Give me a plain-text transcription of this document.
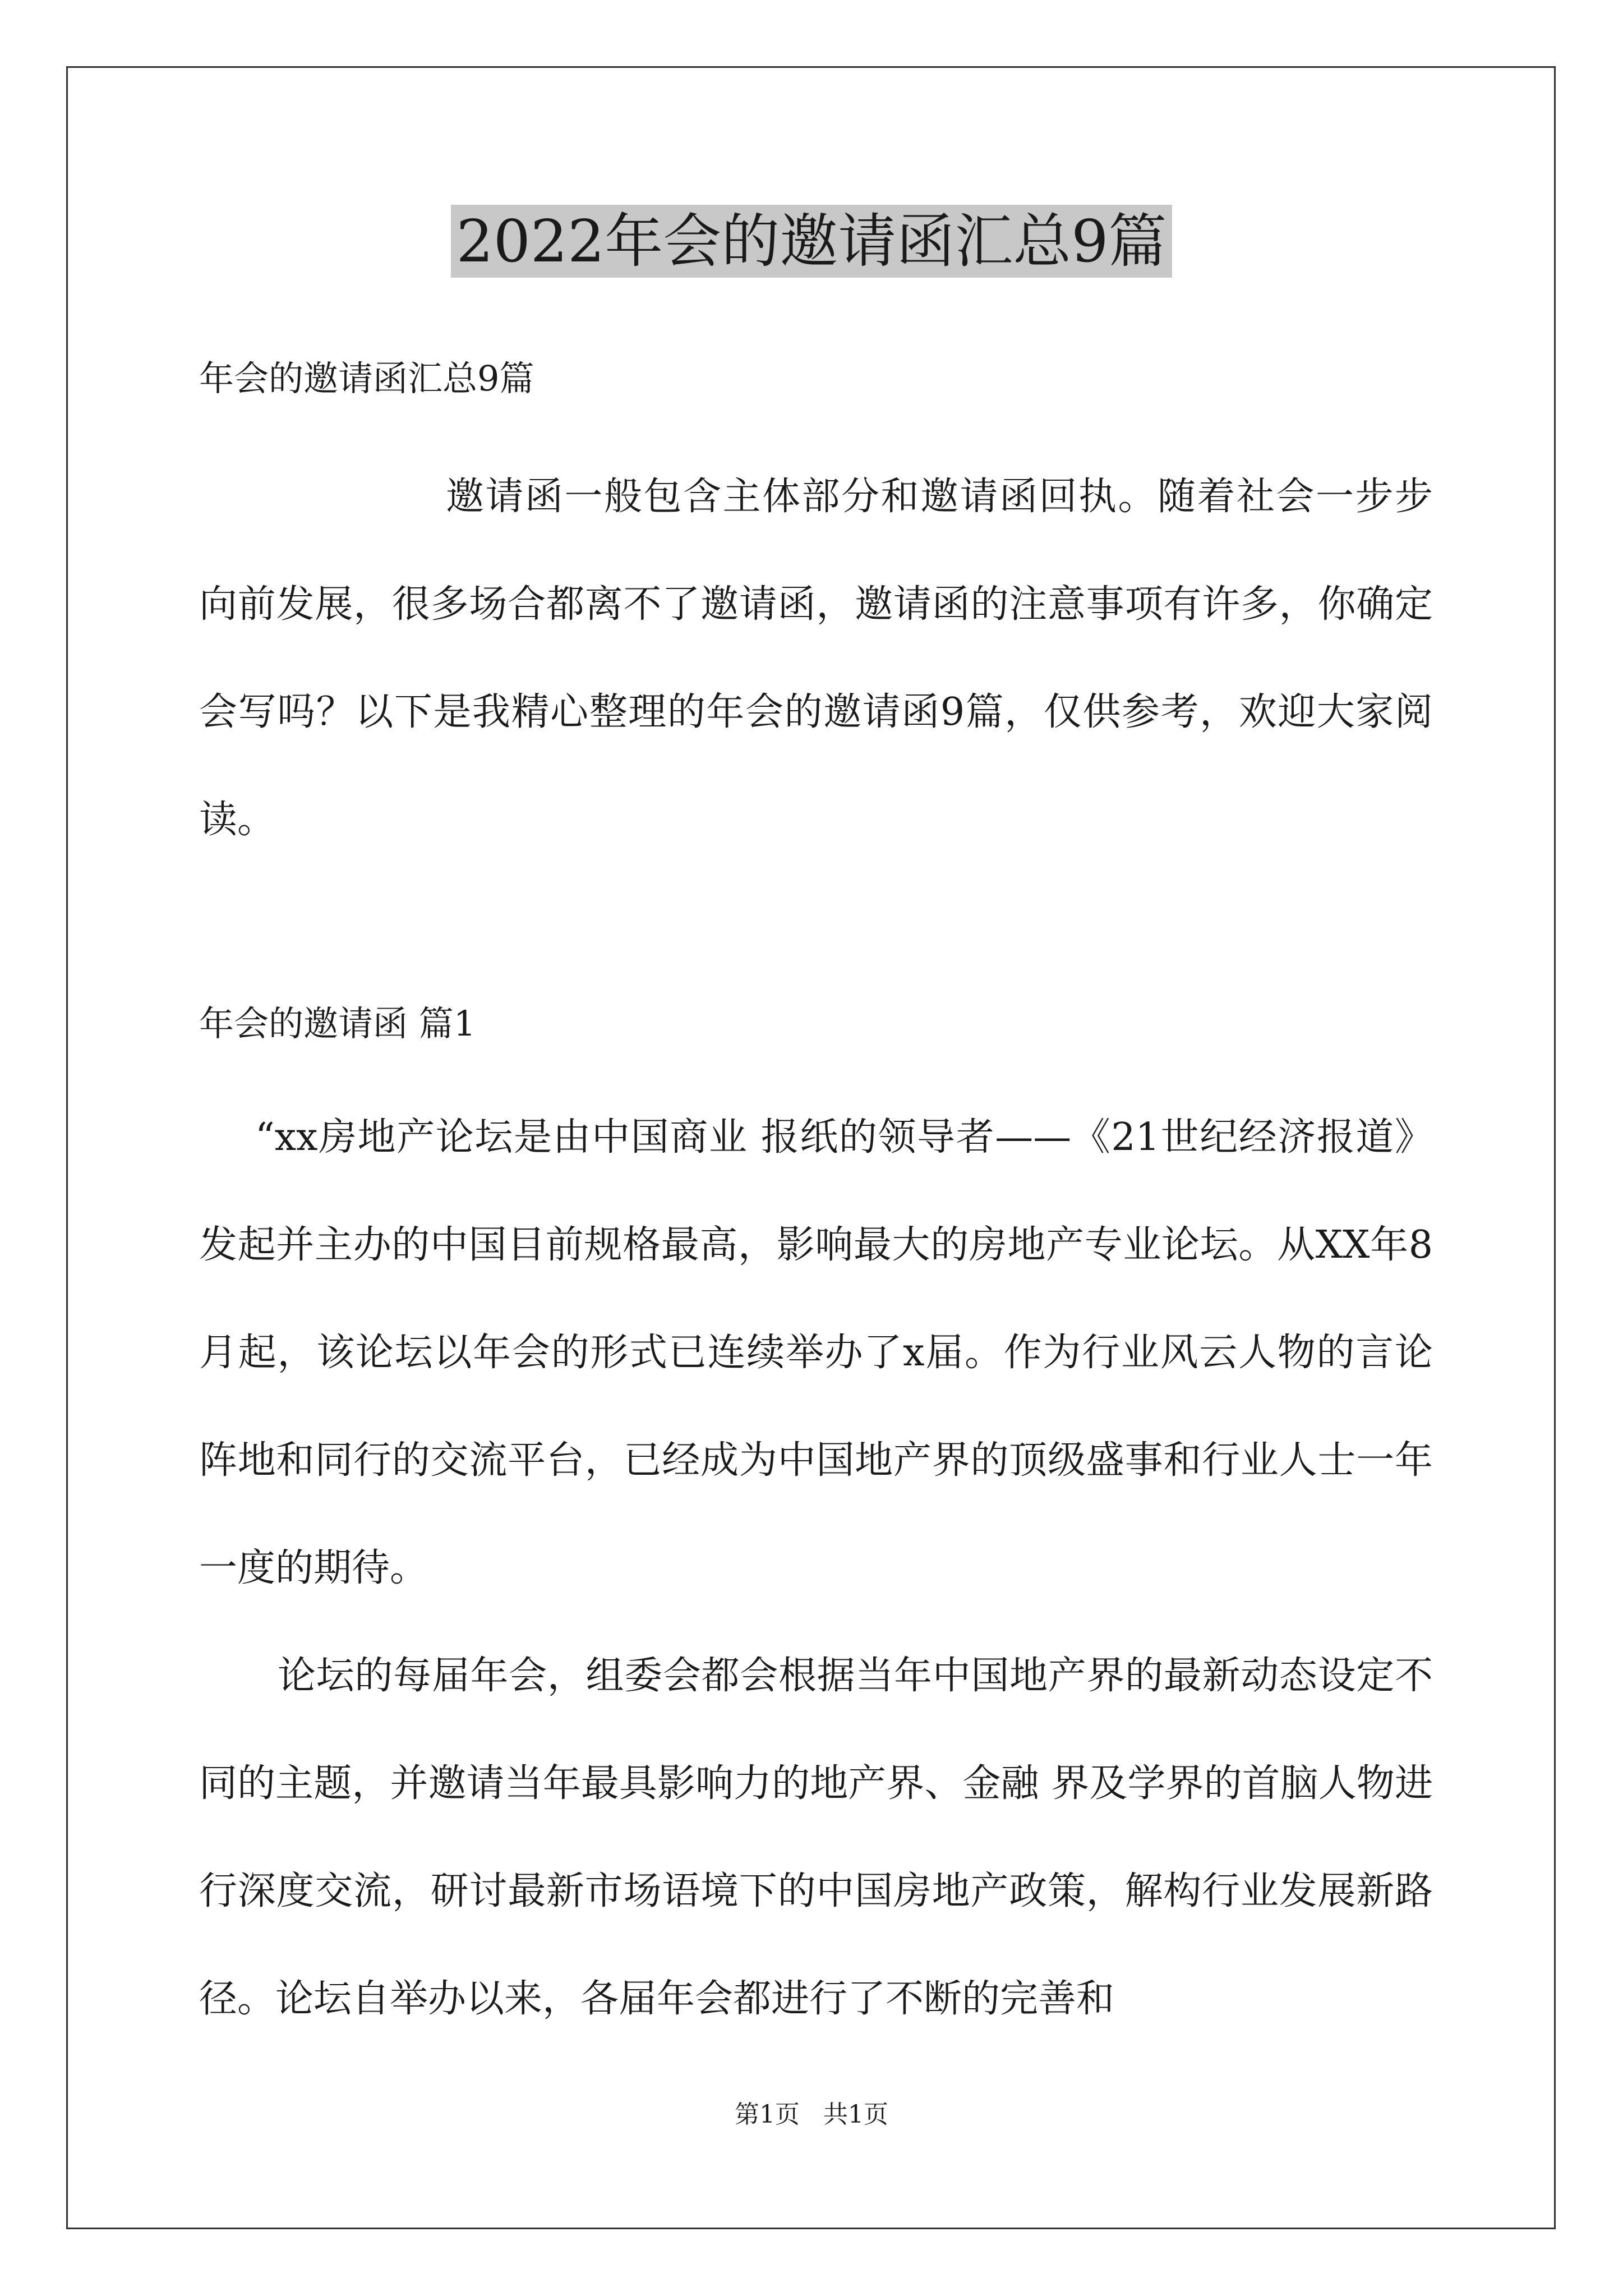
2022年会的邀请函汇总9篇

年会的邀请函汇总9篇

邀请函一般包含主体部分和邀请函回执。随着社会一步步向前发展，很多场合都离不了邀请函，邀请函的注意事项有许多，你确定会写吗？以下是我精心整理的年会的邀请函9篇，仅供参考，欢迎大家阅读。

年会的邀请函 篇1

“xx房地产论坛是由中国商业 报纸的领导者——《21世纪经济报道》发起并主办的中国目前规格最高，影响最大的房地产专业论坛。从XX年8月起，该论坛以年会的形式已连续举办了x届。作为行业风云人物的言论阵地和同行的交流平台，已经成为中国地产界的顶级盛事和行业人士一年一度的期待。

论坛的每届年会，组委会都会根据当年中国地产界的最新动态设定不同的主题，并邀请当年最具影响力的地产界、金融 界及学界的首脑人物进行深度交流，研讨最新市场语境下的中国房地产政策，解构行业发展新路径。论坛自举办以来，各届年会都进行了不断的完善和

第1页   共1页
